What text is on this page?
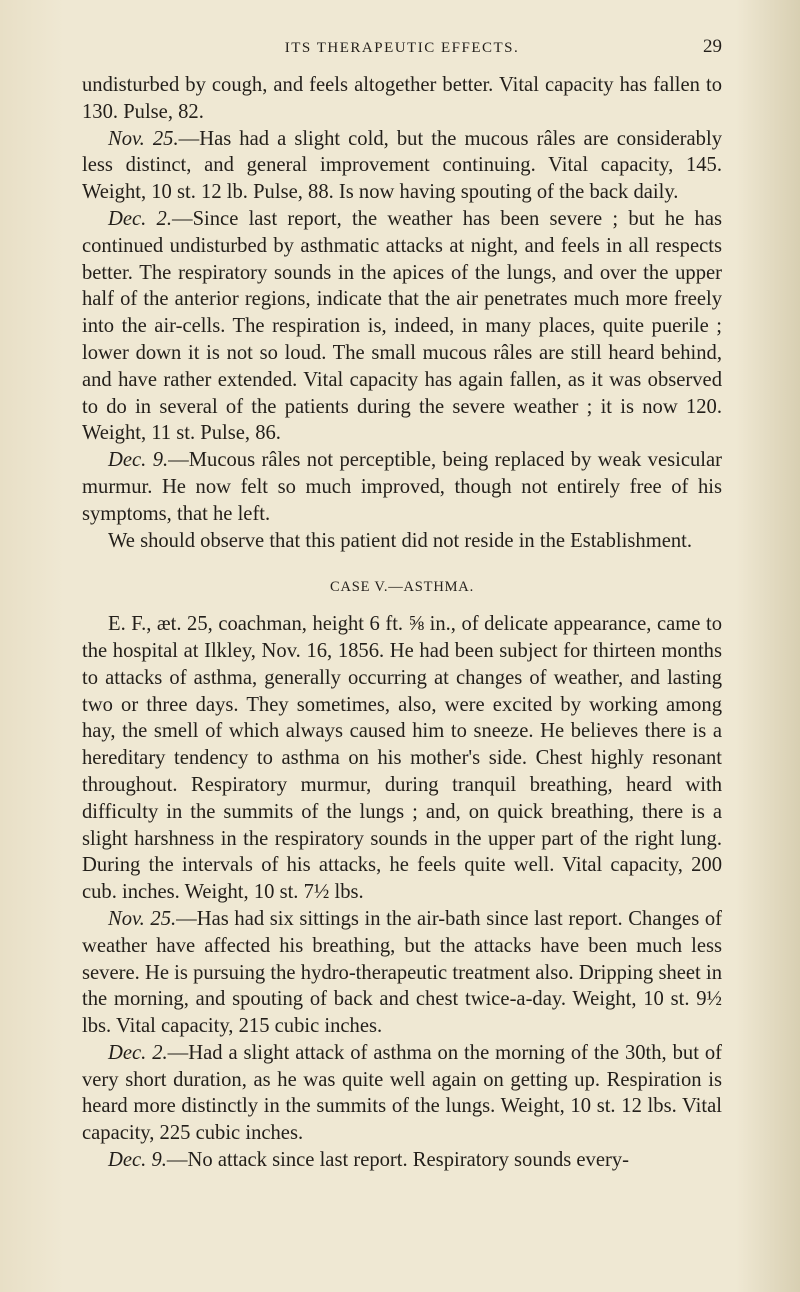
ITS THERAPEUTIC EFFECTS.	29

undisturbed by cough, and feels altogether better. Vital capacity has fallen to 130. Pulse, 82.

Nov. 25.—Has had a slight cold, but the mucous râles are considerably less distinct, and general improvement continuing. Vital capacity, 145. Weight, 10 st. 12 lb. Pulse, 88. Is now having spouting of the back daily.

Dec. 2.—Since last report, the weather has been severe ; but he has continued undisturbed by asthmatic attacks at night, and feels in all respects better. The respiratory sounds in the apices of the lungs, and over the upper half of the anterior regions, indicate that the air penetrates much more freely into the air-cells. The respiration is, indeed, in many places, quite puerile ; lower down it is not so loud. The small mucous râles are still heard behind, and have rather extended. Vital capacity has again fallen, as it was observed to do in several of the patients during the severe weather ; it is now 120. Weight, 11 st. Pulse, 86.

Dec. 9.—Mucous râles not perceptible, being replaced by weak vesicular murmur. He now felt so much improved, though not entirely free of his symptoms, that he left.

We should observe that this patient did not reside in the Establishment.

CASE V.—ASTHMA.

E. F., æt. 25, coachman, height 6 ft. ⅝ in., of delicate appearance, came to the hospital at Ilkley, Nov. 16, 1856. He had been subject for thirteen months to attacks of asthma, generally occurring at changes of weather, and lasting two or three days. They sometimes, also, were excited by working among hay, the smell of which always caused him to sneeze. He believes there is a hereditary tendency to asthma on his mother's side. Chest highly resonant throughout. Respiratory murmur, during tranquil breathing, heard with difficulty in the summits of the lungs ; and, on quick breathing, there is a slight harshness in the respiratory sounds in the upper part of the right lung. During the intervals of his attacks, he feels quite well. Vital capacity, 200 cub. inches. Weight, 10 st. 7½ lbs.

Nov. 25.—Has had six sittings in the air-bath since last report. Changes of weather have affected his breathing, but the attacks have been much less severe. He is pursuing the hydro-therapeutic treatment also. Dripping sheet in the morning, and spouting of back and chest twice-a-day. Weight, 10 st. 9½ lbs. Vital capacity, 215 cubic inches.

Dec. 2.—Had a slight attack of asthma on the morning of the 30th, but of very short duration, as he was quite well again on getting up. Respiration is heard more distinctly in the summits of the lungs. Weight, 10 st. 12 lbs. Vital capacity, 225 cubic inches.

Dec. 9.—No attack since last report. Respiratory sounds every-
